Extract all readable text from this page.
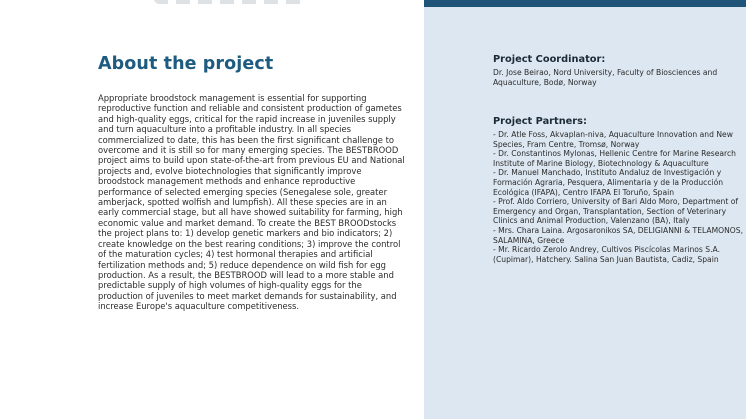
About the project

Appropriate broodstock management is essential for supporting reproductive function and reliable and consistent production of gametes and high-quality eggs, critical for the rapid increase in juveniles supply and turn aquaculture into a profitable industry. In all species commercialized to date, this has been the first significant challenge to overcome and it is still so for many emerging species. The BESTBROOD project aims to build upon state-of-the-art from previous EU and National projects and, evolve biotechnologies that significantly improve broodstock management methods and enhance reproductive performance of selected emerging species (Senegalese sole, greater amberjack, spotted wolfish and lumpfish). All these species are in an early commercial stage, but all have showed suitability for farming, high economic value and market demand. To create the BEST BROODstocks the project plans to: 1) develop genetic markers and bio indicators; 2) create knowledge on the best rearing conditions; 3) improve the control of the maturation cycles; 4) test hormonal therapies and artificial fertilization methods and; 5) reduce dependence on wild fish for egg production. As a result, the BESTBROOD will lead to a more stable and predictable supply of high volumes of high-quality eggs for the production of juveniles to meet market demands for sustainability, and increase Europe's aquaculture competitiveness.

Project Coordinator:

Dr. Jose Beirao, Nord University, Faculty of Biosciences and Aquaculture, Bodø, Norway

Project Partners:
- Dr. Atle Foss, Akvaplan-niva, Aquaculture Innovation and New Species, Fram Centre, Tromsø, Norway
- Dr. Constantinos Mylonas, Hellenic Centre for Marine Research Institute of Marine Biology, Biotechnology & Aquaculture
- Dr. Manuel Manchado, Instituto Andaluz de Investigación y Formación Agraria, Pesquera, Alimentaria y de la Producción Ecológica (IFAPA), Centro IFAPA El Toruño, Spain
- Prof. Aldo Corriero, University of Bari Aldo Moro, Department of Emergency and Organ, Transplantation, Section of Veterinary Clinics and Animal Production, Valenzano (BA), Italy
- Mrs. Chara Laina. Argosaronikos SA, DELIGIANNI & TELAMONOS, SALAMINA, Greece
- Mr. Ricardo Zerolo Andrey, Cultivos Piscícolas Marinos S.A. (Cupimar), Hatchery. Salina San Juan Bautista, Cadiz, Spain
